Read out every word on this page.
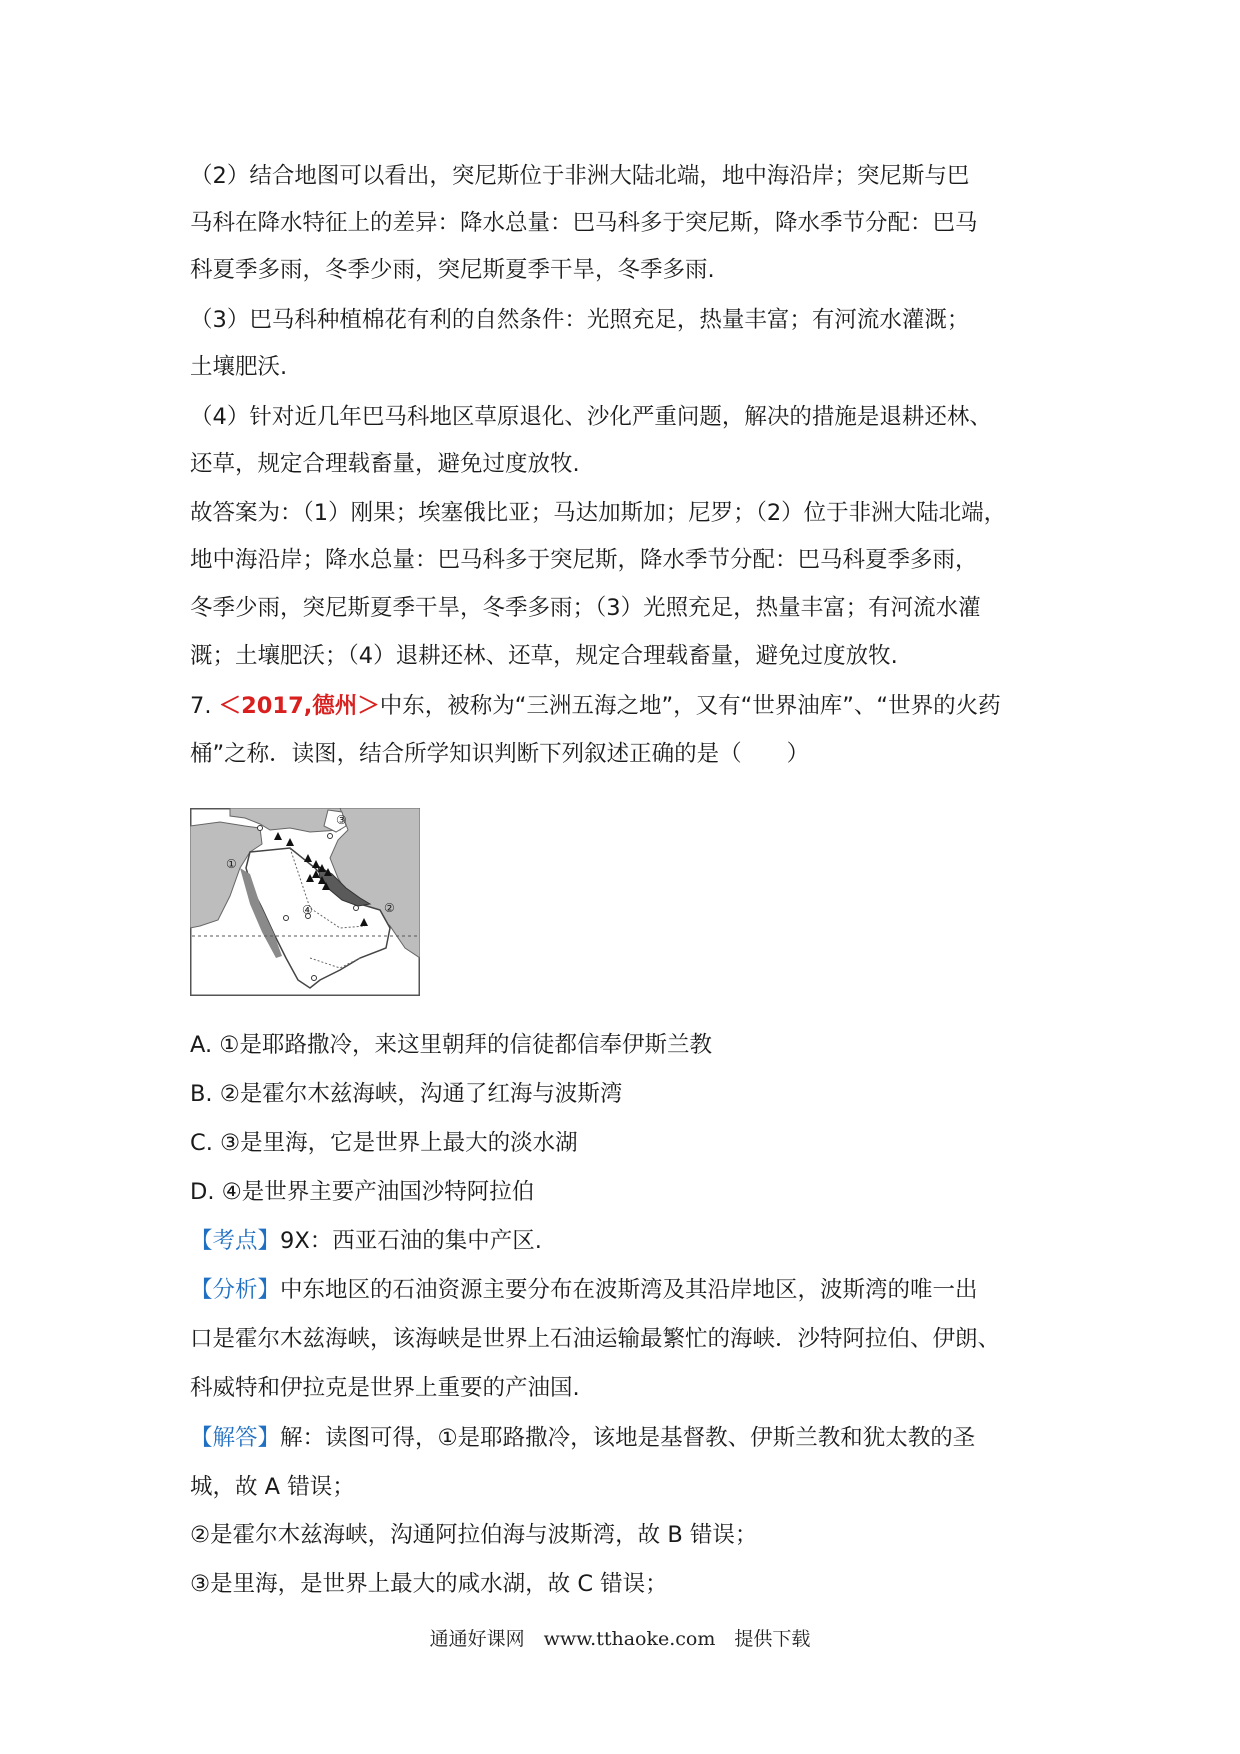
（2）结合地图可以看出，突尼斯位于非洲大陆北端，地中海沿岸；突尼斯与巴
马科在降水特征上的差异：降水总量：巴马科多于突尼斯，降水季节分配：巴马
科夏季多雨，冬季少雨，突尼斯夏季干旱，冬季多雨.
（3）巴马科种植棉花有利的自然条件：光照充足，热量丰富；有河流水灌溉；
土壤肥沃.
（4）针对近几年巴马科地区草原退化、沙化严重问题，解决的措施是退耕还林、
还草，规定合理载畜量，避免过度放牧.
故答案为：（1）刚果；埃塞俄比亚；马达加斯加；尼罗；（2）位于非洲大陆北端，
地中海沿岸；降水总量：巴马科多于突尼斯，降水季节分配：巴马科夏季多雨，
冬季少雨，突尼斯夏季干旱，冬季多雨；（3）光照充足，热量丰富；有河流水灌
溉；土壤肥沃；（4）退耕还林、还草，规定合理载畜量，避免过度放牧.
7. ＜2017,德州＞中东，被称为“三洲五海之地”，又有“世界油库”、“世界的火药
桶”之称．读图，结合所学知识判断下列叙述正确的是（　　）
①
②
③
④
A. ①是耶路撒冷，来这里朝拜的信徒都信奉伊斯兰教
B. ②是霍尔木兹海峡，沟通了红海与波斯湾
C. ③是里海，它是世界上最大的淡水湖
D. ④是世界主要产油国沙特阿拉伯
【考点】9X：西亚石油的集中产区.
【分析】中东地区的石油资源主要分布在波斯湾及其沿岸地区，波斯湾的唯一出
口是霍尔木兹海峡，该海峡是世界上石油运输最繁忙的海峡．沙特阿拉伯、伊朗、
科威特和伊拉克是世界上重要的产油国.
【解答】解：读图可得，①是耶路撒冷，该地是基督教、伊斯兰教和犹太教的圣
城，故 A 错误；
②是霍尔木兹海峡，沟通阿拉伯海与波斯湾，故 B 错误；
③是里海，是世界上最大的咸水湖，故 C 错误；
通通好课网　www.tthaoke.com　提供下载
